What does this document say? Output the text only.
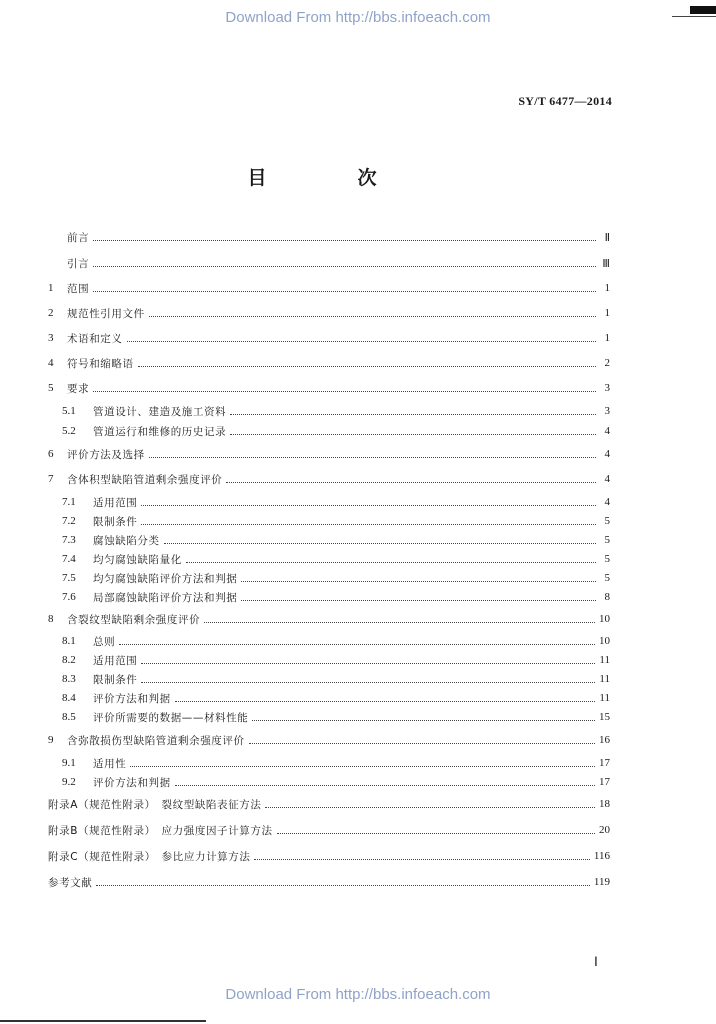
Download From http://bbs.infoeach.com
SY/T 6477—2014
目　次
前言	Ⅱ
引言	Ⅲ
1	范围	1
2	规范性引用文件	1
3	术语和定义	1
4	符号和缩略语	2
5	要求	3
5.1	管道设计、建造及施工资料	3
5.2	管道运行和维修的历史记录	4
6	评价方法及选择	4
7	含体积型缺陷管道剩余强度评价	4
7.1	适用范围	4
7.2	限制条件	5
7.3	腐蚀缺陷分类	5
7.4	均匀腐蚀缺陷量化	5
7.5	均匀腐蚀缺陷评价方法和判据	5
7.6	局部腐蚀缺陷评价方法和判据	8
8	含裂纹型缺陷剩余强度评价	10
8.1	总则	10
8.2	适用范围	11
8.3	限制条件	11
8.4	评价方法和判据	11
8.5	评价所需要的数据——材料性能	15
9	含弥散损伤型缺陷管道剩余强度评价	16
9.1	适用性	17
9.2	评价方法和判据	17
附录A（规范性附录）　裂纹型缺陷表征方法	18
附录B（规范性附录）　应力强度因子计算方法	20
附录C（规范性附录）　参比应力计算方法	116
参考文献	119
Ⅰ
Download From http://bbs.infoeach.com
